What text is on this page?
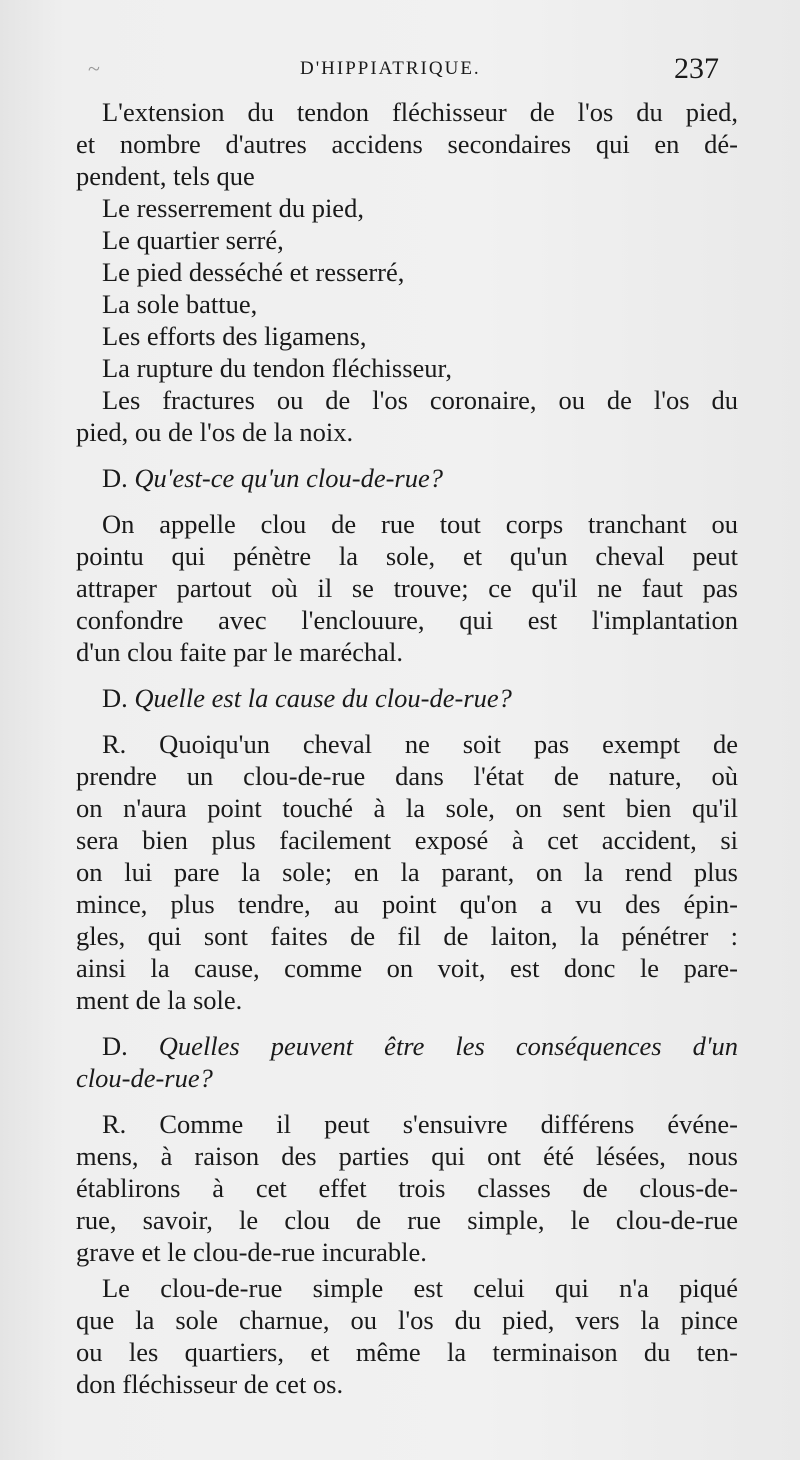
~	D'HIPPIATRIQUE.	237
L'extension du tendon fléchisseur de l'os du pied,
et nombre d'autres accidens secondaires qui en dé-
pendent, tels que
Le resserrement du pied,
Le quartier serré,
Le pied desséché et resserré,
La sole battue,
Les efforts des ligamens,
La rupture du tendon fléchisseur,
Les fractures ou de l'os coronaire, ou de l'os du
pied, ou de l'os de la noix.
D. Qu'est-ce qu'un clou-de-rue?
On appelle clou de rue tout corps tranchant ou
pointu qui pénètre la sole, et qu'un cheval peut
attraper partout où il se trouve; ce qu'il ne faut pas
confondre avec l'enclouure, qui est l'implantation
d'un clou faite par le maréchal.
D. Quelle est la cause du clou-de-rue?
R. Quoiqu'un cheval ne soit pas exempt de
prendre un clou-de-rue dans l'état de nature, où
on n'aura point touché à la sole, on sent bien qu'il
sera bien plus facilement exposé à cet accident, si
on lui pare la sole; en la parant, on la rend plus
mince, plus tendre, au point qu'on a vu des épin-
gles, qui sont faites de fil de laiton, la pénétrer :
ainsi la cause, comme on voit, est donc le pare-
ment de la sole.
D. Quelles peuvent être les conséquences d'un
clou-de-rue?
R. Comme il peut s'ensuivre différens événe-
mens, à raison des parties qui ont été lésées, nous
établirons à cet effet trois classes de clous-de-
rue, savoir, le clou de rue simple, le clou-de-rue
grave et le clou-de-rue incurable.
Le clou-de-rue simple est celui qui n'a piqué
que la sole charnue, ou l'os du pied, vers la pince
ou les quartiers, et même la terminaison du ten-
don fléchisseur de cet os.
